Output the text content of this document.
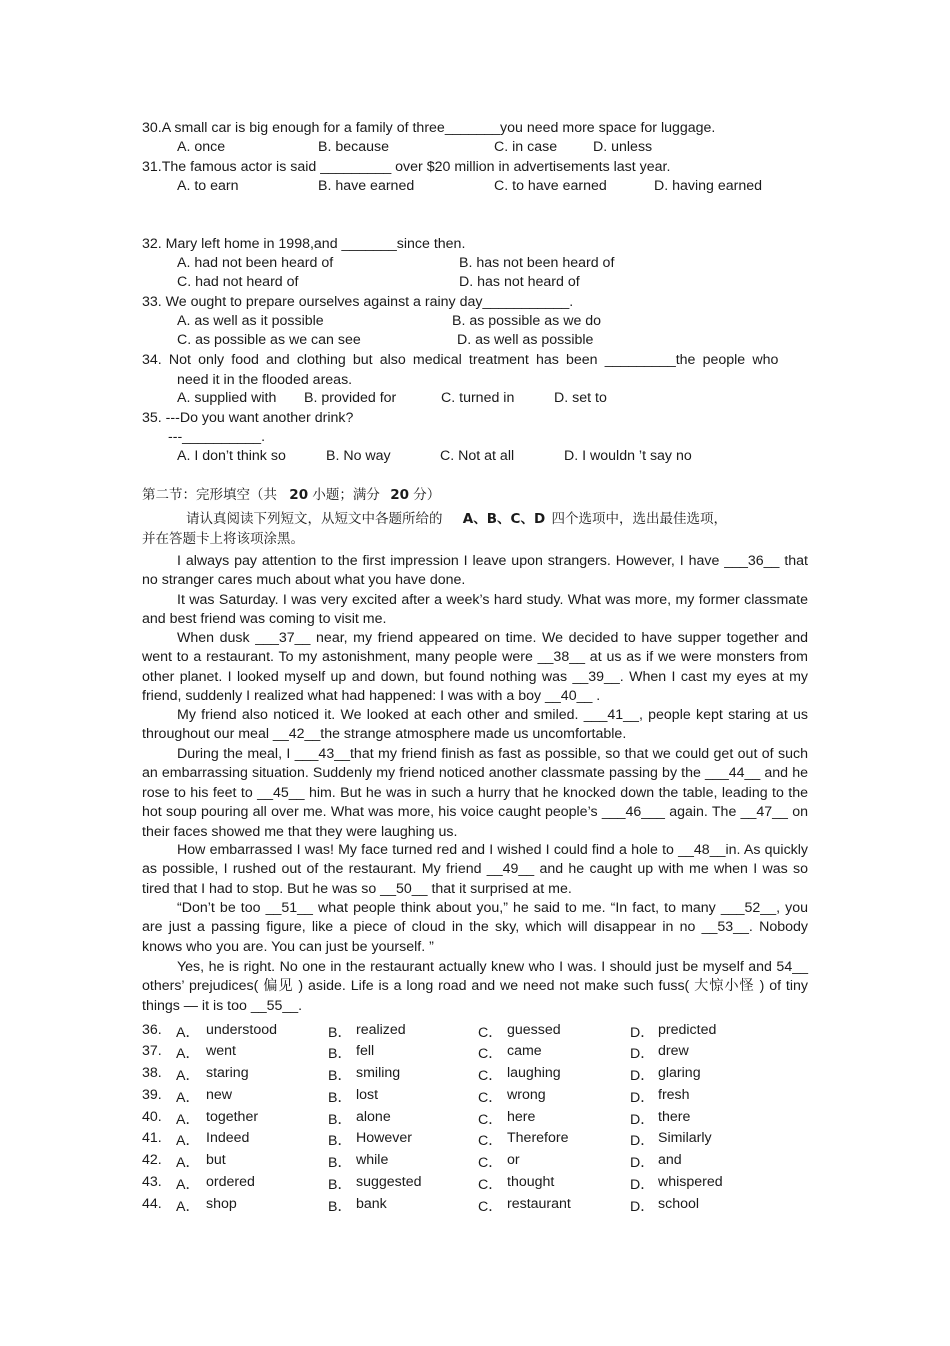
30.A small car is big enough for a family of three_______you need more space for luggage.
A. once	B. because	C. in case	D. unless
31.The famous actor is said _________ over $20 million in advertisements last year.
A. to earn	B. have earned	C. to have earned	D. having earned
32. Mary left home in 1998,and _______since then.
A. had not been heard of	B. has not been heard of
C. had not heard of	D. has not heard of
33. We ought to prepare ourselves against a rainy day___________.
A. as well as it possible	B. as possible as we do
C. as possible as we can see	D. as well as possible
34. Not only food and clothing but also medical treatment has been _________the people who
need it in the flooded areas.
A. supplied with B. provided for	C. turned in	D. set to
35. ---Do you want another drink?
---__________.
A. I don’t think so	B. No way	C. Not at all	D. I wouldn ’t say no
第二节：完形填空（共 20 小题；满分 20 分）
请认真阅读下列短文，从短文中各题所给的 A、B、C、D 四个选项中，选出最佳选项，
并在答题卡上将该项涂黑。
I always pay attention to the first impression I leave upon strangers. However, I have ___36__ that no stranger cares much about what you have done.
It was Saturday. I was very excited after a week’s hard study. What was more, my former classmate and best friend was coming to visit me.
When dusk ___37__ near, my friend appeared on time. We decided to have supper together and went to a restaurant. To my astonishment, many people were __38__ at us as if we were monsters from other planet. I looked myself up and down, but found nothing was __39__. When I cast my eyes at my friend, suddenly I realized what had happened: I was with a boy __40__ .
My friend also noticed it. We looked at each other and smiled. ___41__, people kept staring at us throughout our meal __42__the strange atmosphere made us uncomfortable.
During the meal, I ___43__that my friend finish as fast as possible, so that we could get out of such an embarrassing situation. Suddenly my friend noticed another classmate passing by the ___44__ and he rose to his feet to __45__ him. But he was in such a hurry that he knocked down the table, leading to the hot soup pouring all over me. What was more, his voice caught people’s ___46___ again. The __47__ on their faces showed me that they were laughing us.
How embarrassed I was! My face turned red and I wished I could find a hole to __48__in. As quickly as possible, I rushed out of the restaurant. My friend __49__ and he caught up with me when I was so tired that I had to stop. But he was so __50__ that it surprised at me.
“Don’t be too __51__ what people think about you,” he said to me. “In fact, to many ___52__, you are just a passing figure, like a piece of cloud in the sky, which will disappear in no __53__. Nobody knows who you are. You can just be yourself. ”
Yes, he is right. No one in the restaurant actually knew who I was. I should just be myself and 54__ others’ prejudices( 偏见 ) aside. Life is a long road and we need not make such fuss( 大惊小怪 ) of tiny things — it is too __55__.
36. A． understood	B． realized	C． guessed	D． predicted
37. A． went	B． fell	C． came	D． drew
38. A． staring	B． smiling	C． laughing	D． glaring
39. A． new	B． lost	C． wrong	D． fresh
40. A． together	B． alone	C． here	D． there
41. A． Indeed	B． However	C． Therefore	D． Similarly
42. A． but	B． while	C． or	D． and
43. A． ordered	B． suggested	C． thought	D． whispered
44. A． shop	B． bank	C． restaurant	D． school
